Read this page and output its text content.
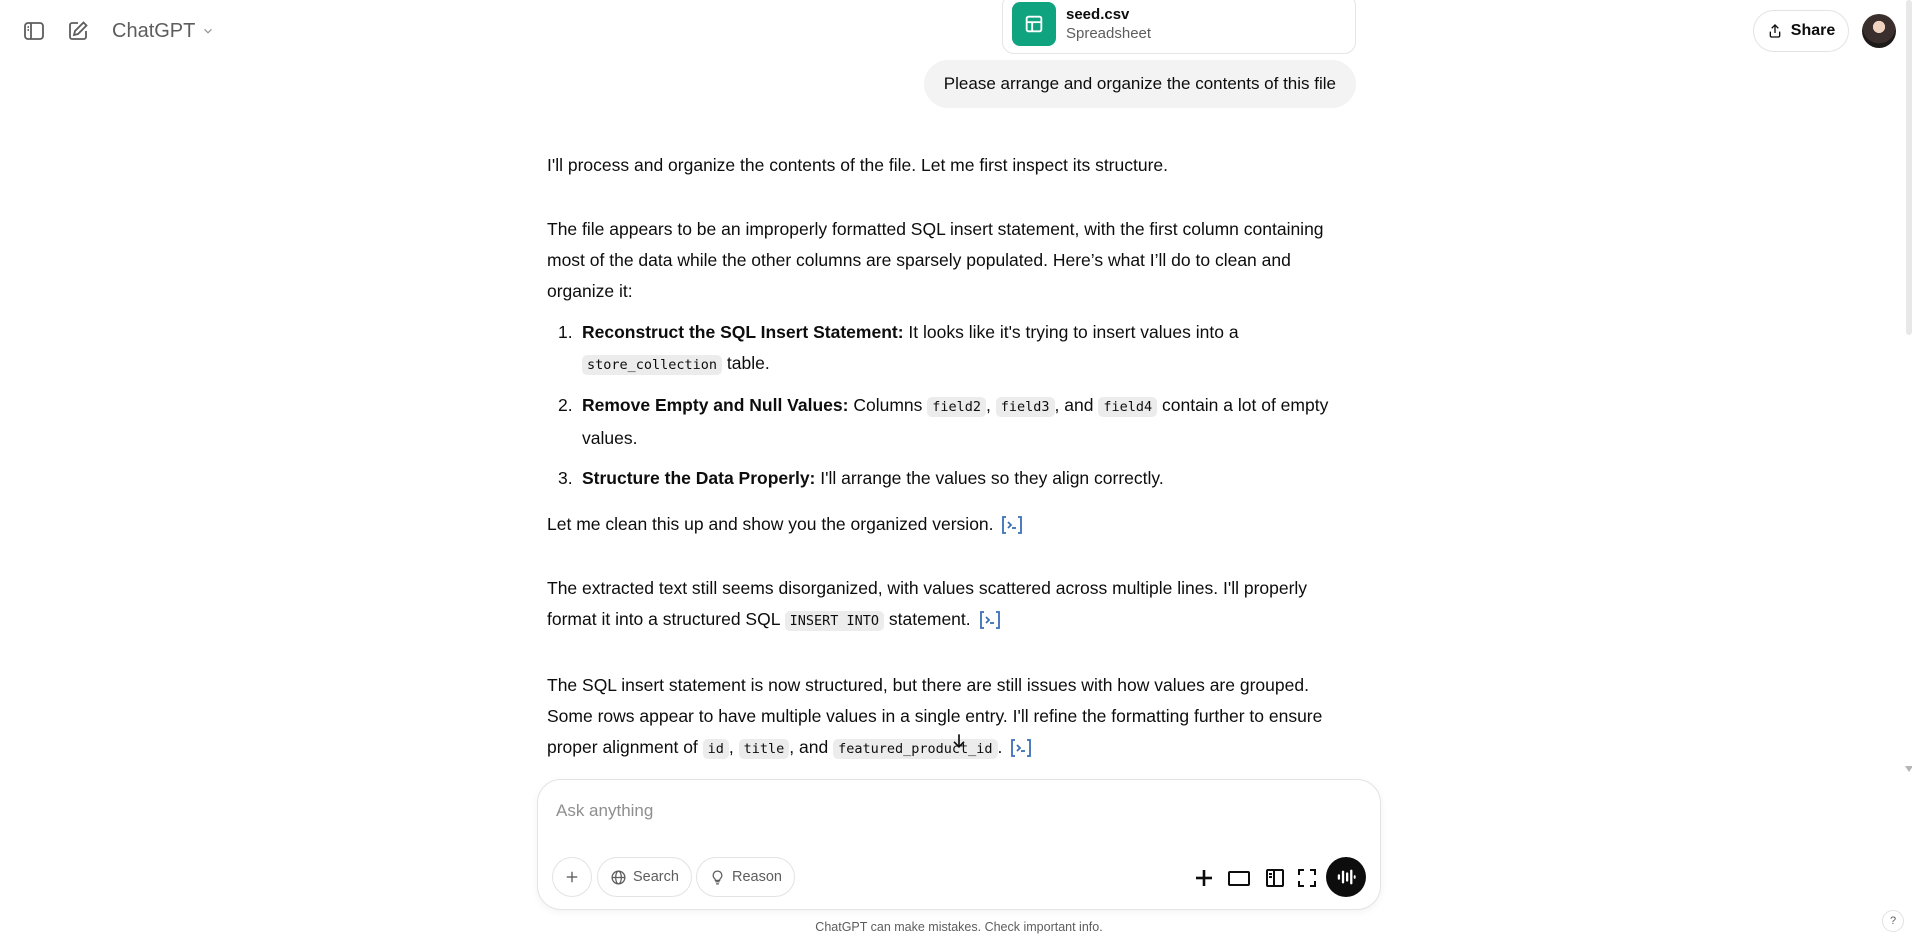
ChatGPT	Share
seed.csv
Spreadsheet
Please arrange and organize the contents of this file

I'll process and organize the contents of the file. Let me first inspect its structure.

The file appears to be an improperly formatted SQL insert statement, with the first column containing most of the data while the other columns are sparsely populated. Here’s what I’ll do to clean and organize it:

1. Reconstruct the SQL Insert Statement: It looks like it's trying to insert values into a store_collection table.
2. Remove Empty and Null Values: Columns field2 , field3 , and field4 contain a lot of empty values.
3. Structure the Data Properly: I'll arrange the values so they align correctly.

Let me clean this up and show you the organized version.

The extracted text still seems disorganized, with values scattered across multiple lines. I'll properly format it into a structured SQL INSERT INTO statement.

The SQL insert statement is now structured, but there are still issues with how values are grouped. Some rows appear to have multiple values in a single entry. I'll refine the formatting further to ensure proper alignment of id , title , and featured_product_id .

Ask anything
Search	Reason
ChatGPT can make mistakes. Check important info.	?
